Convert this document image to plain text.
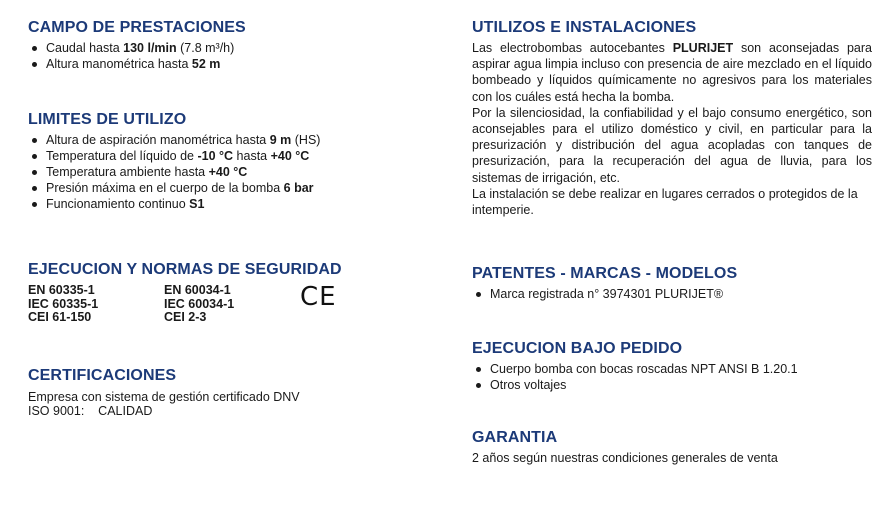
CAMPO DE PRESTACIONES
Caudal hasta 130 l/min (7.8 m³/h)
Altura manométrica hasta 52 m
LIMITES DE UTILIZO
Altura de aspiración manométrica hasta 9 m (HS)
Temperatura del líquido de -10 °C hasta +40 °C
Temperatura ambiente hasta +40 °C
Presión máxima en el cuerpo de la bomba 6 bar
Funcionamiento continuo S1
EJECUCION Y NORMAS DE SEGURIDAD
EN 60335-1
IEC 60335-1
CEI 61-150
EN 60034-1
IEC 60034-1
CEI 2-3
CE
CERTIFICACIONES
Empresa con sistema de gestión certificado DNV
ISO 9001:    CALIDAD
UTILIZOS E INSTALACIONES

Las electrobombas autocebantes PLURIJET son aconsejadas para aspirar agua limpia incluso con presencia de aire mezclado en el líquido bombeado y líquidos químicamente no agresivos para los materiales con los cuáles está hecha la bomba.

Por la silenciosidad, la confiabilidad y el bajo consumo energético, son aconsejables para el utilizo doméstico y civil, en particular para la presurización y distribución del agua acopladas con tanques de presurización, para la recuperación del agua de lluvia, para los sistemas de irrigación, etc.

La instalación se debe realizar en lugares cerrados o protegidos de la intemperie.

PATENTES - MARCAS - MODELOS
Marca registrada n° 3974301 PLURIJET®
EJECUCION BAJO PEDIDO
Cuerpo bomba con bocas roscadas NPT ANSI B 1.20.1
Otros voltajes
GARANTIA

2 años según nuestras condiciones generales de venta
